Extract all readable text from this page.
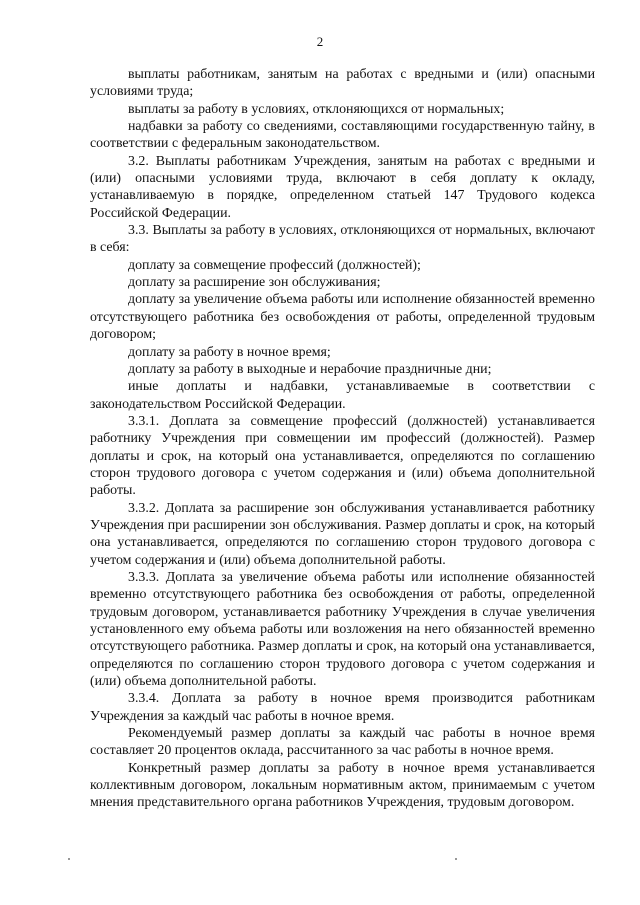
2

выплаты работникам, занятым на работах с вредными и (или) опасными условиями труда;

выплаты за работу в условиях, отклоняющихся от нормальных;

надбавки за работу со сведениями, составляющими государственную тайну, в соответствии с федеральным законодательством.

3.2. Выплаты работникам Учреждения, занятым на работах с вредными и (или) опасными условиями труда, включают в себя доплату к окладу, устанавливаемую в порядке, определенном статьей 147 Трудового кодекса Российской Федерации.

3.3. Выплаты за работу в условиях, отклоняющихся от нормальных, включают в себя:

доплату за совмещение профессий (должностей);

доплату за расширение зон обслуживания;

доплату за увеличение объема работы или исполнение обязанностей временно отсутствующего работника без освобождения от работы, определенной трудовым договором;

доплату за работу в ночное время;

доплату за работу в выходные и нерабочие праздничные дни;

иные доплаты и надбавки, устанавливаемые в соответствии с законодательством Российской Федерации.

3.3.1. Доплата за совмещение профессий (должностей) устанавливается работнику Учреждения при совмещении им профессий (должностей). Размер доплаты и срок, на который она устанавливается, определяются по соглашению сторон трудового договора с учетом содержания и (или) объема дополнительной работы.

3.3.2. Доплата за расширение зон обслуживания устанавливается работнику Учреждения при расширении зон обслуживания. Размер доплаты и срок, на который она устанавливается, определяются по соглашению сторон трудового договора с учетом содержания и (или) объема дополнительной работы.

3.3.3. Доплата за увеличение объема работы или исполнение обязанностей временно отсутствующего работника без освобождения от работы, определенной трудовым договором, устанавливается работнику Учреждения в случае увеличения установленного ему объема работы или возложения на него обязанностей временно отсутствующего работника. Размер доплаты и срок, на который она устанавливается, определяются по соглашению сторон трудового договора с учетом содержания и (или) объема дополнительной работы.

3.3.4. Доплата за работу в ночное время производится работникам Учреждения за каждый час работы в ночное время.

Рекомендуемый размер доплаты за каждый час работы в ночное время составляет 20 процентов оклада, рассчитанного за час работы в ночное время.

Конкретный размер доплаты за работу в ночное время устанавливается коллективным договором, локальным нормативным актом, принимаемым с учетом мнения представительного органа работников Учреждения, трудовым договором.
